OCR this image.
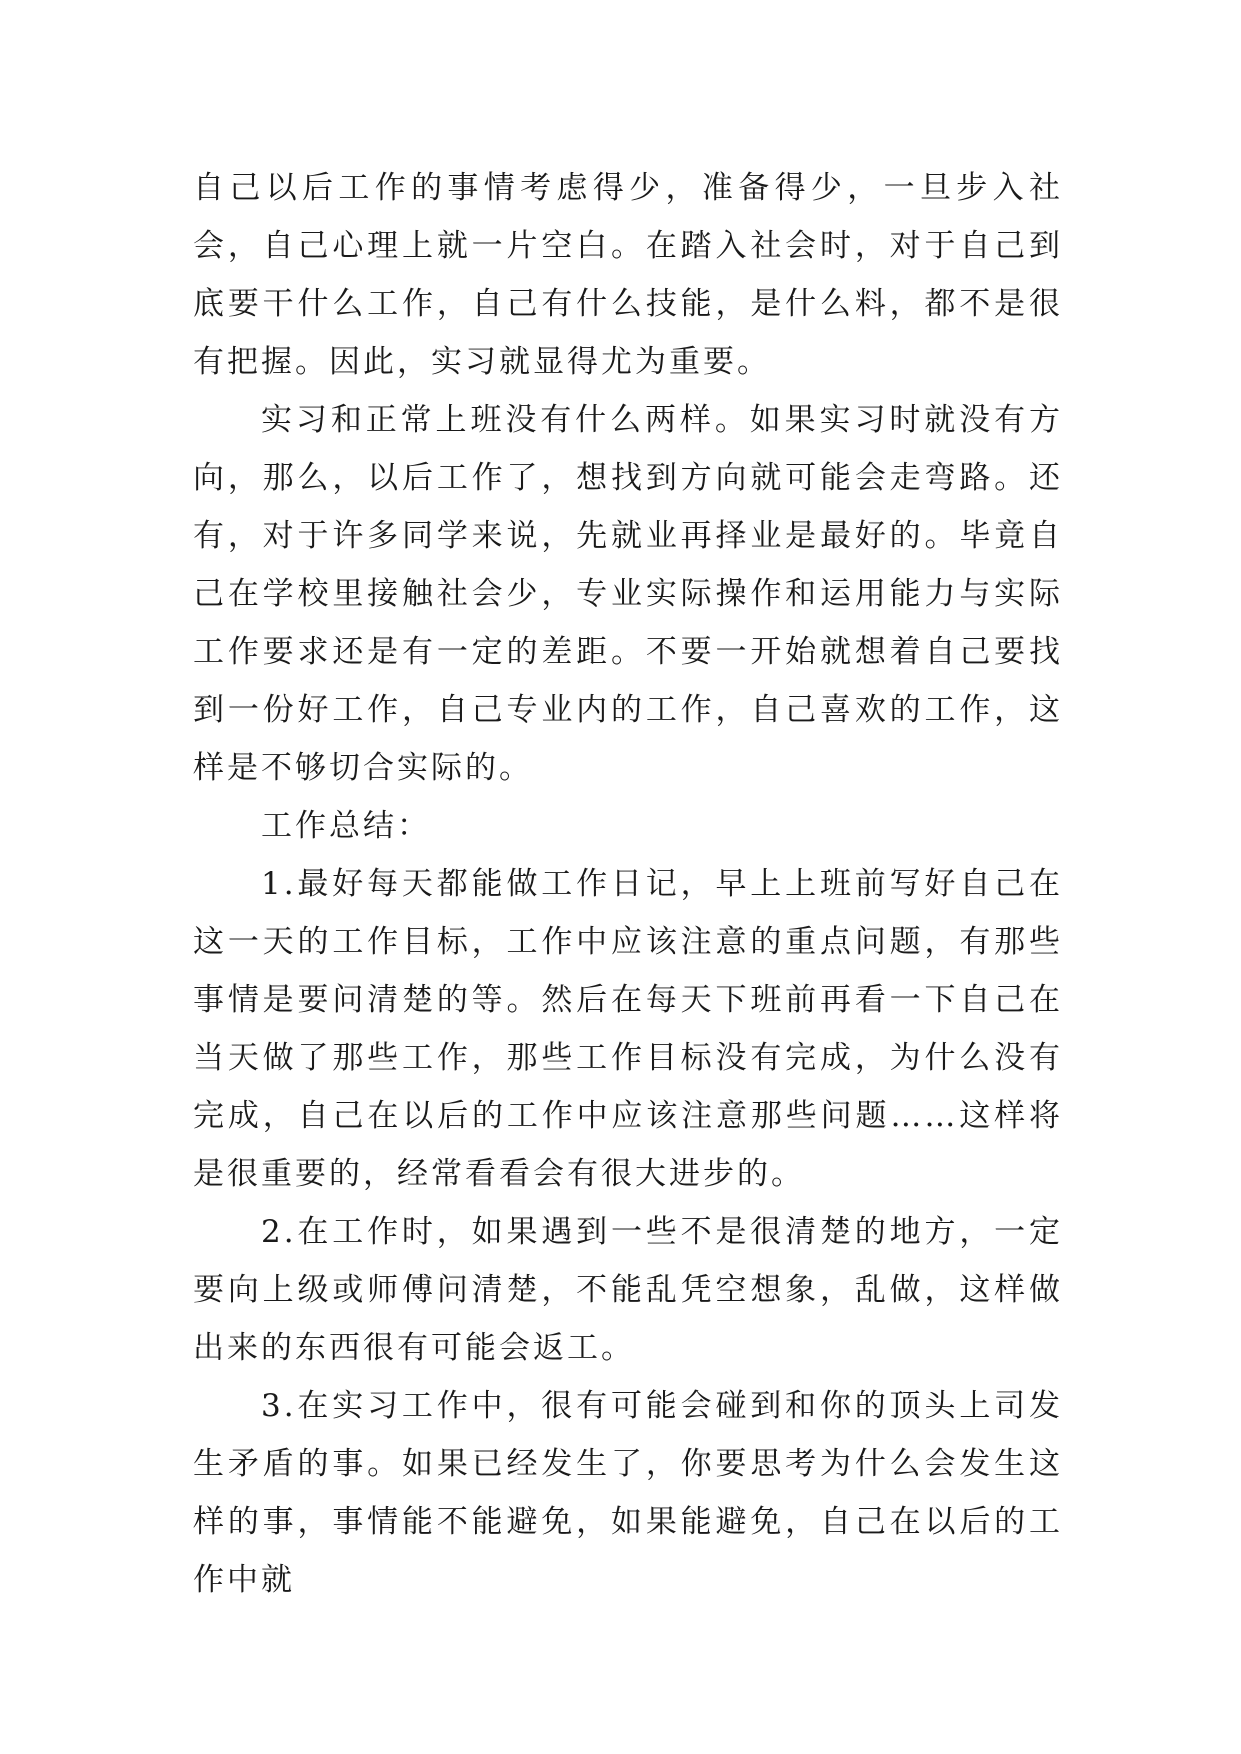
自己以后工作的事情考虑得少，准备得少，一旦步入社会，自己心理上就一片空白。在踏入社会时，对于自己到底要干什么工作，自己有什么技能，是什么料，都不是很有把握。因此，实习就显得尤为重要。

实习和正常上班没有什么两样。如果实习时就没有方向，那么，以后工作了，想找到方向就可能会走弯路。还有，对于许多同学来说，先就业再择业是最好的。毕竟自己在学校里接触社会少，专业实际操作和运用能力与实际工作要求还是有一定的差距。不要一开始就想着自己要找到一份好工作，自己专业内的工作，自己喜欢的工作，这样是不够切合实际的。

工作总结：

1.最好每天都能做工作日记，早上上班前写好自己在这一天的工作目标，工作中应该注意的重点问题，有那些事情是要问清楚的等。然后在每天下班前再看一下自己在当天做了那些工作，那些工作目标没有完成，为什么没有完成，自己在以后的工作中应该注意那些问题……这样将是很重要的，经常看看会有很大进步的。

2.在工作时，如果遇到一些不是很清楚的地方，一定要向上级或师傅问清楚，不能乱凭空想象，乱做，这样做出来的东西很有可能会返工。

3.在实习工作中，很有可能会碰到和你的顶头上司发生矛盾的事。如果已经发生了，你要思考为什么会发生这样的事，事情能不能避免，如果能避免，自己在以后的工作中就
